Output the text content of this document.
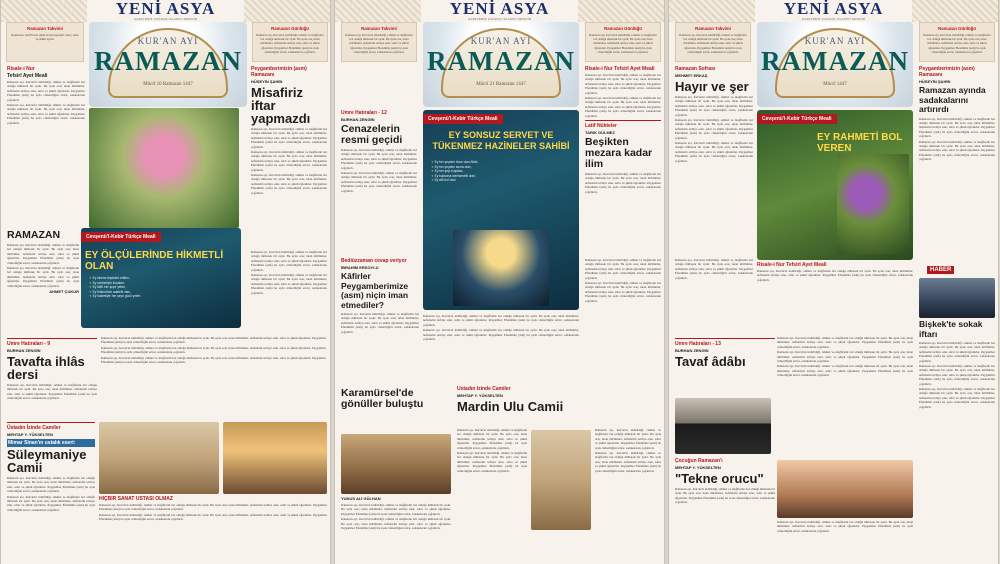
YENİ ASYA
GAZETEMİZ ÇAĞDAŞ İSLAM'IN SESİDİR
Ramazan Takvimi

Ramazan-ı Şerif'in her günü sevap kapısıdır. Oruç, sabır ve şükür ayıdır.	KUR'AN AYI
RAMAZAN
Mücrî 10 Ramazan 1447
Ramazan Günlüğü

Ramazan ayı, Kur'an'ın indirildiği, rahmet ve mağfiretin bol olduğu mübarek bir aydır. Bu ayda oruç tutan mü'minler, nefislerini terbiye eder, sabrı ve şükrü öğrenirler. Peygamber Efendimiz (asm) bu ayda cömertliğini artırır, sadakalarını çoğaltırdı.

Risale-i Nur
Tefsirî Ayet Meali

Ramazan ayı, Kur'an'ın indirildiği, rahmet ve mağfiretin bol olduğu mübarek bir aydır. Bu ayda oruç tutan mü'minler, nefislerini terbiye eder, sabrı ve şükrü öğrenirler. Peygamber Efendimiz (asm) bu ayda cömertliğini artırır, sadakalarını çoğaltırdı.

Ramazan ayı, Kur'an'ın indirildiği, rahmet ve mağfiretin bol olduğu mübarek bir aydır. Bu ayda oruç tutan mü'minler, nefislerini terbiye eder, sabrı ve şükrü öğrenirler. Peygamber Efendimiz (asm) bu ayda cömertliğini artırır, sadakalarını çoğaltırdı.

Peygamberimizin (asm) Ramazanı
HÜSEYİN ŞAHİN
Misafiriz iftar yapmazdı

Ramazan ayı, Kur'an'ın indirildiği, rahmet ve mağfiretin bol olduğu mübarek bir aydır. Bu ayda oruç tutan mü'minler, nefislerini terbiye eder, sabrı ve şükrü öğrenirler. Peygamber Efendimiz (asm) bu ayda cömertliğini artırır, sadakalarını çoğaltırdı.

Ramazan ayı, Kur'an'ın indirildiği, rahmet ve mağfiretin bol olduğu mübarek bir aydır. Bu ayda oruç tutan mü'minler, nefislerini terbiye eder, sabrı ve şükrü öğrenirler. Peygamber Efendimiz (asm) bu ayda cömertliğini artırır, sadakalarını çoğaltırdı.

Ramazan ayı, Kur'an'ın indirildiği, rahmet ve mağfiretin bol olduğu mübarek bir aydır. Bu ayda oruç tutan mü'minler, nefislerini terbiye eder, sabrı ve şükrü öğrenirler. Peygamber Efendimiz (asm) bu ayda cömertliğini artırır, sadakalarını çoğaltırdı.

Cevşenü'l-Kebir Türkçe Meali
EY ÖLÇÜLERİNDE HİKMETLİ OLAN
✦ Ey zikrine teşekkür edilen,
✦ Ey rahmetiyle kuşatan,
✦ Ey lütfü her şeye yeten,
✦ Ey hükmünde adaletli olan,
✦ Ey kudretiyle her şeye gücü yeten
RAMAZAN

Ramazan ayı, Kur'an'ın indirildiği, rahmet ve mağfiretin bol olduğu mübarek bir aydır. Bu ayda oruç tutan mü'minler, nefislerini terbiye eder, sabrı ve şükrü öğrenirler. Peygamber Efendimiz (asm) bu ayda cömertliğini artırır, sadakalarını çoğaltırdı.

Ramazan ayı, Kur'an'ın indirildiği, rahmet ve mağfiretin bol olduğu mübarek bir aydır. Bu ayda oruç tutan mü'minler, nefislerini terbiye eder, sabrı ve şükrü öğrenirler. Peygamber Efendimiz (asm) bu ayda cömertliğini artırır, sadakalarını çoğaltırdı.

AHMET ÇUKUR

Ramazan ayı, Kur'an'ın indirildiği, rahmet ve mağfiretin bol olduğu mübarek bir aydır. Bu ayda oruç tutan mü'minler, nefislerini terbiye eder, sabrı ve şükrü öğrenirler. Peygamber Efendimiz (asm) bu ayda cömertliğini artırır, sadakalarını çoğaltırdı.

Ramazan ayı, Kur'an'ın indirildiği, rahmet ve mağfiretin bol olduğu mübarek bir aydır. Bu ayda oruç tutan mü'minler, nefislerini terbiye eder, sabrı ve şükrü öğrenirler. Peygamber Efendimiz (asm) bu ayda cömertliğini artırır, sadakalarını çoğaltırdı.

Umre Hatıraları - 9
BURHAN ZENGİN
Tavafta ihlâs dersi

Ramazan ayı, Kur'an'ın indirildiği, rahmet ve mağfiretin bol olduğu mübarek bir aydır. Bu ayda oruç tutan mü'minler, nefislerini terbiye eder, sabrı ve şükrü öğrenirler. Peygamber Efendimiz (asm) bu ayda cömertliğini artırır, sadakalarını çoğaltırdı.

Ramazan ayı, Kur'an'ın indirildiği, rahmet ve mağfiretin bol olduğu mübarek bir aydır. Bu ayda oruç tutan mü'minler, nefislerini terbiye eder, sabrı ve şükrü öğrenirler. Peygamber Efendimiz (asm) bu ayda cömertliğini artırır, sadakalarını çoğaltırdı.

Ramazan ayı, Kur'an'ın indirildiği, rahmet ve mağfiretin bol olduğu mübarek bir aydır. Bu ayda oruç tutan mü'minler, nefislerini terbiye eder, sabrı ve şükrü öğrenirler. Peygamber Efendimiz (asm) bu ayda cömertliğini artırır, sadakalarını çoğaltırdı.

Ramazan ayı, Kur'an'ın indirildiği, rahmet ve mağfiretin bol olduğu mübarek bir aydır. Bu ayda oruç tutan mü'minler, nefislerini terbiye eder, sabrı ve şükrü öğrenirler. Peygamber Efendimiz (asm) bu ayda cömertliğini artırır, sadakalarını çoğaltırdı.

Üstadın İzinde Camiler
MEHTAP Y. YÜKSELTEN
Mimar Sinan'ın ustalık eseri:
Süleymaniye Camii

Ramazan ayı, Kur'an'ın indirildiği, rahmet ve mağfiretin bol olduğu mübarek bir aydır. Bu ayda oruç tutan mü'minler, nefislerini terbiye eder, sabrı ve şükrü öğrenirler. Peygamber Efendimiz (asm) bu ayda cömertliğini artırır, sadakalarını çoğaltırdı.

Ramazan ayı, Kur'an'ın indirildiği, rahmet ve mağfiretin bol olduğu mübarek bir aydır. Bu ayda oruç tutan mü'minler, nefislerini terbiye eder, sabrı ve şükrü öğrenirler. Peygamber Efendimiz (asm) bu ayda cömertliğini artırır, sadakalarını çoğaltırdı.

HİÇBİR SANAT USTASI OLMAZ

Ramazan ayı, Kur'an'ın indirildiği, rahmet ve mağfiretin bol olduğu mübarek bir aydır. Bu ayda oruç tutan mü'minler, nefislerini terbiye eder, sabrı ve şükrü öğrenirler. Peygamber Efendimiz (asm) bu ayda cömertliğini artırır, sadakalarını çoğaltırdı.

Ramazan ayı, Kur'an'ın indirildiği, rahmet ve mağfiretin bol olduğu mübarek bir aydır. Bu ayda oruç tutan mü'minler, nefislerini terbiye eder, sabrı ve şükrü öğrenirler. Peygamber Efendimiz (asm) bu ayda cömertliğini artırır, sadakalarını çoğaltırdı.

YENİ ASYA
GAZETEMİZ ÇAĞDAŞ İSLAM'IN SESİDİR
Ramazan Takvimi

Ramazan ayı, Kur'an'ın indirildiği, rahmet ve mağfiretin bol olduğu mübarek bir aydır. Bu ayda oruç tutan mü'minler, nefislerini terbiye eder, sabrı ve şükrü öğrenirler. Peygamber Efendimiz (asm) bu ayda cömertliğini artırır, sadakalarını çoğaltırdı.

KUR'AN AYI
RAMAZAN
Mücrî 21 Ramazan 1447
Ramazan Günlüğü

Ramazan ayı, Kur'an'ın indirildiği, rahmet ve mağfiretin bol olduğu mübarek bir aydır. Bu ayda oruç tutan mü'minler, nefislerini terbiye eder, sabrı ve şükrü öğrenirler. Peygamber Efendimiz (asm) bu ayda cömertliğini artırır, sadakalarını çoğaltırdı.

Umre Hatıraları - 12
BURHAN ZENGİN
Cenazelerin resmi geçidi

Ramazan ayı, Kur'an'ın indirildiği, rahmet ve mağfiretin bol olduğu mübarek bir aydır. Bu ayda oruç tutan mü'minler, nefislerini terbiye eder, sabrı ve şükrü öğrenirler. Peygamber Efendimiz (asm) bu ayda cömertliğini artırır, sadakalarını çoğaltırdı.

Ramazan ayı, Kur'an'ın indirildiği, rahmet ve mağfiretin bol olduğu mübarek bir aydır. Bu ayda oruç tutan mü'minler, nefislerini terbiye eder, sabrı ve şükrü öğrenirler. Peygamber Efendimiz (asm) bu ayda cömertliğini artırır, sadakalarını çoğaltırdı.

Cevşenü'l-Kebir Türkçe Meali
EY SONSUZ SERVET VE TÜKENMEZ HAZİNELER SAHİBİ
✦ Ey her şeyden önce olan Allah,
✦ Ey her şeyden sonra olan,
✦ Ey her şeyi kuşatan,
✦ Ey kullarına merhametli olan,
✦ Ey affı bol olan
Risale-i Nur Tefsirî Ayet Meali

Ramazan ayı, Kur'an'ın indirildiği, rahmet ve mağfiretin bol olduğu mübarek bir aydır. Bu ayda oruç tutan mü'minler, nefislerini terbiye eder, sabrı ve şükrü öğrenirler. Peygamber Efendimiz (asm) bu ayda cömertliğini artırır, sadakalarını çoğaltırdı.

Ramazan ayı, Kur'an'ın indirildiği, rahmet ve mağfiretin bol olduğu mübarek bir aydır. Bu ayda oruç tutan mü'minler, nefislerini terbiye eder, sabrı ve şükrü öğrenirler. Peygamber Efendimiz (asm) bu ayda cömertliğini artırır, sadakalarını çoğaltırdı.

Latif Nükteler
TARIK GÜLMEZ
Beşikten mezara kadar ilim

Ramazan ayı, Kur'an'ın indirildiği, rahmet ve mağfiretin bol olduğu mübarek bir aydır. Bu ayda oruç tutan mü'minler, nefislerini terbiye eder, sabrı ve şükrü öğrenirler. Peygamber Efendimiz (asm) bu ayda cömertliğini artırır, sadakalarını çoğaltırdı.

Bediüzzaman cevap veriyor
İBRAHİM ERSOYLU
Kâfirler Peygamberimize (asm) niçin iman etmediler?

Ramazan ayı, Kur'an'ın indirildiği, rahmet ve mağfiretin bol olduğu mübarek bir aydır. Bu ayda oruç tutan mü'minler, nefislerini terbiye eder, sabrı ve şükrü öğrenirler. Peygamber Efendimiz (asm) bu ayda cömertliğini artırır, sadakalarını çoğaltırdı.

Ramazan ayı, Kur'an'ın indirildiği, rahmet ve mağfiretin bol olduğu mübarek bir aydır. Bu ayda oruç tutan mü'minler, nefislerini terbiye eder, sabrı ve şükrü öğrenirler. Peygamber Efendimiz (asm) bu ayda cömertliğini artırır, sadakalarını çoğaltırdı.

Ramazan ayı, Kur'an'ın indirildiği, rahmet ve mağfiretin bol olduğu mübarek bir aydır. Bu ayda oruç tutan mü'minler, nefislerini terbiye eder, sabrı ve şükrü öğrenirler. Peygamber Efendimiz (asm) bu ayda cömertliğini artırır, sadakalarını çoğaltırdı.

Ramazan ayı, Kur'an'ın indirildiği, rahmet ve mağfiretin bol olduğu mübarek bir aydır. Bu ayda oruç tutan mü'minler, nefislerini terbiye eder, sabrı ve şükrü öğrenirler. Peygamber Efendimiz (asm) bu ayda cömertliğini artırır, sadakalarını çoğaltırdı.

Ramazan ayı, Kur'an'ın indirildiği, rahmet ve mağfiretin bol olduğu mübarek bir aydır. Bu ayda oruç tutan mü'minler, nefislerini terbiye eder, sabrı ve şükrü öğrenirler. Peygamber Efendimiz (asm) bu ayda cömertliğini artırır, sadakalarını çoğaltırdı.

Karamürsel'de gönüller buluştu
YUNUS ALİ GÜLHAN

Ramazan ayı, Kur'an'ın indirildiği, rahmet ve mağfiretin bol olduğu mübarek bir aydır. Bu ayda oruç tutan mü'minler, nefislerini terbiye eder, sabrı ve şükrü öğrenirler. Peygamber Efendimiz (asm) bu ayda cömertliğini artırır, sadakalarını çoğaltırdı.

Ramazan ayı, Kur'an'ın indirildiği, rahmet ve mağfiretin bol olduğu mübarek bir aydır. Bu ayda oruç tutan mü'minler, nefislerini terbiye eder, sabrı ve şükrü öğrenirler. Peygamber Efendimiz (asm) bu ayda cömertliğini artırır, sadakalarını çoğaltırdı.

Üstadın İzinde Camiler
MEHTAP Y. YÜKSELTEN
Mardin Ulu Camii

Ramazan ayı, Kur'an'ın indirildiği, rahmet ve mağfiretin bol olduğu mübarek bir aydır. Bu ayda oruç tutan mü'minler, nefislerini terbiye eder, sabrı ve şükrü öğrenirler. Peygamber Efendimiz (asm) bu ayda cömertliğini artırır, sadakalarını çoğaltırdı.

Ramazan ayı, Kur'an'ın indirildiği, rahmet ve mağfiretin bol olduğu mübarek bir aydır. Bu ayda oruç tutan mü'minler, nefislerini terbiye eder, sabrı ve şükrü öğrenirler. Peygamber Efendimiz (asm) bu ayda cömertliğini artırır, sadakalarını çoğaltırdı.

Ramazan ayı, Kur'an'ın indirildiği, rahmet ve mağfiretin bol olduğu mübarek bir aydır. Bu ayda oruç tutan mü'minler, nefislerini terbiye eder, sabrı ve şükrü öğrenirler. Peygamber Efendimiz (asm) bu ayda cömertliğini artırır, sadakalarını çoğaltırdı.

Ramazan ayı, Kur'an'ın indirildiği, rahmet ve mağfiretin bol olduğu mübarek bir aydır. Bu ayda oruç tutan mü'minler, nefislerini terbiye eder, sabrı ve şükrü öğrenirler. Peygamber Efendimiz (asm) bu ayda cömertliğini artırır, sadakalarını çoğaltırdı.

YENİ ASYA
GAZETEMİZ ÇAĞDAŞ İSLAM'IN SESİDİR
Ramazan Takvimi

Ramazan ayı, Kur'an'ın indirildiği, rahmet ve mağfiretin bol olduğu mübarek bir aydır. Bu ayda oruç tutan mü'minler, nefislerini terbiye eder, sabrı ve şükrü öğrenirler. Peygamber Efendimiz (asm) bu ayda cömertliğini artırır, sadakalarını çoğaltırdı.

KUR'AN AYI
RAMAZAN
Mücrî 1447
Ramazan Günlüğü

Ramazan ayı, Kur'an'ın indirildiği, rahmet ve mağfiretin bol olduğu mübarek bir aydır. Bu ayda oruç tutan mü'minler, nefislerini terbiye eder, sabrı ve şükrü öğrenirler. Peygamber Efendimiz (asm) bu ayda cömertliğini artırır, sadakalarını çoğaltırdı.

Ramazan Sofrası
MEHMET ERKAŞ
Hayır ve şer

Ramazan ayı, Kur'an'ın indirildiği, rahmet ve mağfiretin bol olduğu mübarek bir aydır. Bu ayda oruç tutan mü'minler, nefislerini terbiye eder, sabrı ve şükrü öğrenirler. Peygamber Efendimiz (asm) bu ayda cömertliğini artırır, sadakalarını çoğaltırdı.

Ramazan ayı, Kur'an'ın indirildiği, rahmet ve mağfiretin bol olduğu mübarek bir aydır. Bu ayda oruç tutan mü'minler, nefislerini terbiye eder, sabrı ve şükrü öğrenirler. Peygamber Efendimiz (asm) bu ayda cömertliğini artırır, sadakalarını çoğaltırdı.

Ramazan ayı, Kur'an'ın indirildiği, rahmet ve mağfiretin bol olduğu mübarek bir aydır. Bu ayda oruç tutan mü'minler, nefislerini terbiye eder, sabrı ve şükrü öğrenirler. Peygamber Efendimiz (asm) bu ayda cömertliğini artırır, sadakalarını çoğaltırdı.

Cevşenü'l-Kebir Türkçe Meali
EY RAHMETİ BOL VEREN
Peygamberimizin (asm) Ramazanı
HÜSEYİN ŞAHİN
Ramazan ayında sadakalarını artırırdı

Ramazan ayı, Kur'an'ın indirildiği, rahmet ve mağfiretin bol olduğu mübarek bir aydır. Bu ayda oruç tutan mü'minler, nefislerini terbiye eder, sabrı ve şükrü öğrenirler. Peygamber Efendimiz (asm) bu ayda cömertliğini artırır, sadakalarını çoğaltırdı.

Ramazan ayı, Kur'an'ın indirildiği, rahmet ve mağfiretin bol olduğu mübarek bir aydır. Bu ayda oruç tutan mü'minler, nefislerini terbiye eder, sabrı ve şükrü öğrenirler. Peygamber Efendimiz (asm) bu ayda cömertliğini artırır, sadakalarını çoğaltırdı.

Risale-i Nur Tefsirî Ayet Meali

Ramazan ayı, Kur'an'ın indirildiği, rahmet ve mağfiretin bol olduğu mübarek bir aydır. Bu ayda oruç tutan mü'minler, nefislerini terbiye eder, sabrı ve şükrü öğrenirler. Peygamber Efendimiz (asm) bu ayda cömertliğini artırır, sadakalarını çoğaltırdı.

Ramazan ayı, Kur'an'ın indirildiği, rahmet ve mağfiretin bol olduğu mübarek bir aydır. Bu ayda oruç tutan mü'minler, nefislerini terbiye eder, sabrı ve şükrü öğrenirler. Peygamber Efendimiz (asm) bu ayda cömertliğini artırır, sadakalarını çoğaltırdı.

HABER
Bişkek'te sokak iftarı

Ramazan ayı, Kur'an'ın indirildiği, rahmet ve mağfiretin bol olduğu mübarek bir aydır. Bu ayda oruç tutan mü'minler, nefislerini terbiye eder, sabrı ve şükrü öğrenirler. Peygamber Efendimiz (asm) bu ayda cömertliğini artırır, sadakalarını çoğaltırdı.

Ramazan ayı, Kur'an'ın indirildiği, rahmet ve mağfiretin bol olduğu mübarek bir aydır. Bu ayda oruç tutan mü'minler, nefislerini terbiye eder, sabrı ve şükrü öğrenirler. Peygamber Efendimiz (asm) bu ayda cömertliğini artırır, sadakalarını çoğaltırdı.

Ramazan ayı, Kur'an'ın indirildiği, rahmet ve mağfiretin bol olduğu mübarek bir aydır. Bu ayda oruç tutan mü'minler, nefislerini terbiye eder, sabrı ve şükrü öğrenirler. Peygamber Efendimiz (asm) bu ayda cömertliğini artırır, sadakalarını çoğaltırdı.

Umre Hatıraları - 13
BURHAN ZENGİN
Tavaf âdâbı

Ramazan ayı, Kur'an'ın indirildiği, rahmet ve mağfiretin bol olduğu mübarek bir aydır. Bu ayda oruç tutan mü'minler, nefislerini terbiye eder, sabrı ve şükrü öğrenirler. Peygamber Efendimiz (asm) bu ayda cömertliğini artırır, sadakalarını çoğaltırdı.

Ramazan ayı, Kur'an'ın indirildiği, rahmet ve mağfiretin bol olduğu mübarek bir aydır. Bu ayda oruç tutan mü'minler, nefislerini terbiye eder, sabrı ve şükrü öğrenirler. Peygamber Efendimiz (asm) bu ayda cömertliğini artırır, sadakalarını çoğaltırdı.

Ramazan ayı, Kur'an'ın indirildiği, rahmet ve mağfiretin bol olduğu mübarek bir aydır. Bu ayda oruç tutan mü'minler, nefislerini terbiye eder, sabrı ve şükrü öğrenirler. Peygamber Efendimiz (asm) bu ayda cömertliğini artırır, sadakalarını çoğaltırdı.

Çocuğun Ramazan'ı
MEHTAP Y. YÜKSELTEN
"Tekne orucu"

Ramazan ayı, Kur'an'ın indirildiği, rahmet ve mağfiretin bol olduğu mübarek bir aydır. Bu ayda oruç tutan mü'minler, nefislerini terbiye eder, sabrı ve şükrü öğrenirler. Peygamber Efendimiz (asm) bu ayda cömertliğini artırır, sadakalarını çoğaltırdı.

Ramazan ayı, Kur'an'ın indirildiği, rahmet ve mağfiretin bol olduğu mübarek bir aydır. Bu ayda oruç tutan mü'minler, nefislerini terbiye eder, sabrı ve şükrü öğrenirler. Peygamber Efendimiz (asm) bu ayda cömertliğini artırır, sadakalarını çoğaltırdı.
